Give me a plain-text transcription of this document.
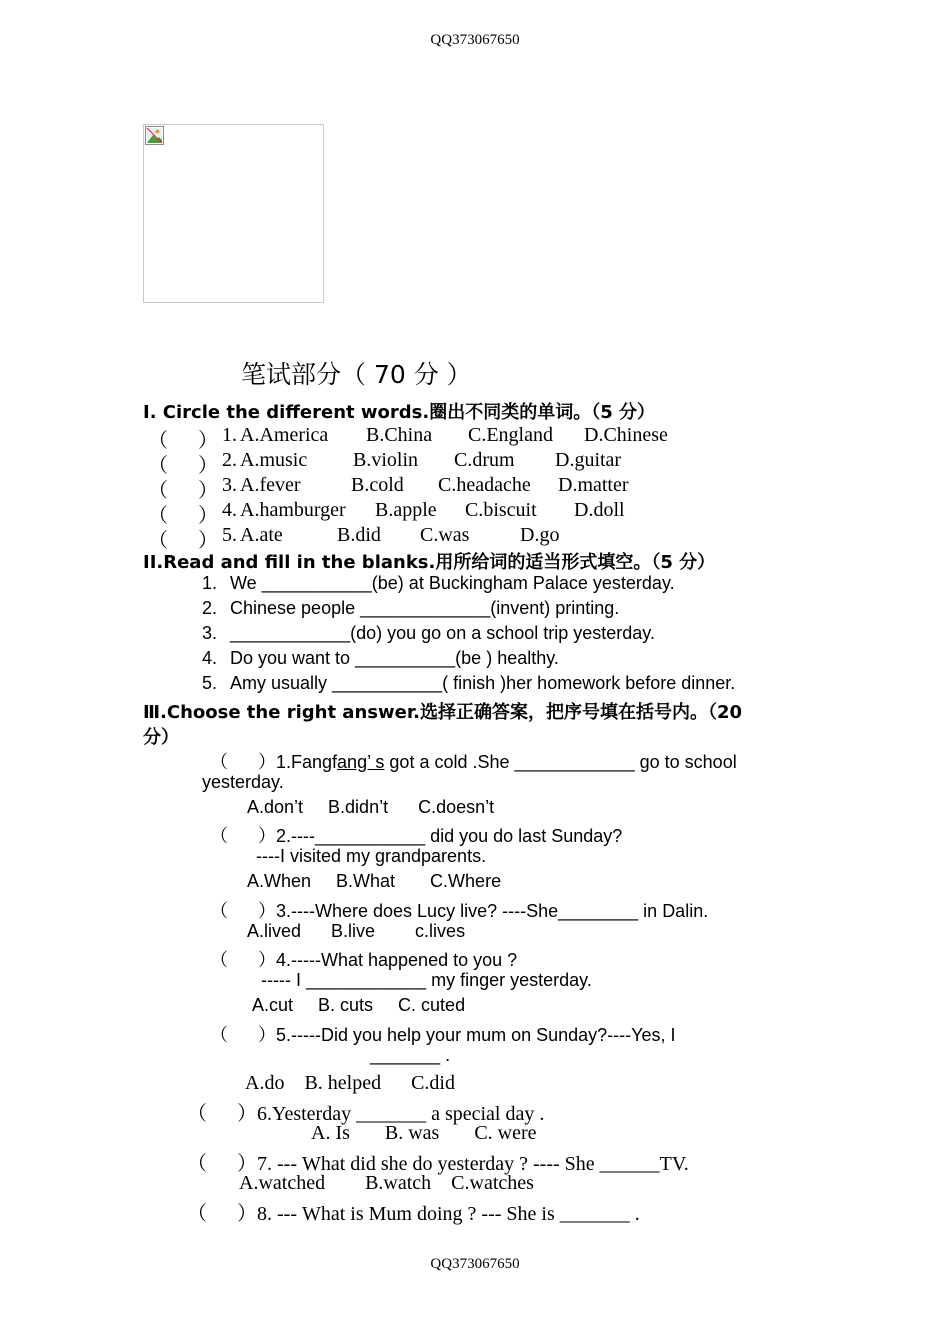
QQ373067650
笔试部分（ 70 分 ）
I. Circle the different words.圈出不同类的单词。（5 分）
（      ） 1. A.America B.China C.England D.Chinese
（      ） 2. A.music B.violin C.drum D.guitar
（      ） 3. A.fever	B.cold C.headache D.matter
（      ） 4. A.hamburger B.apple C.biscuit D.doll
（      ） 5. A.ate	B.did C.was	D.go
II.Read and fill in the blanks.用所给词的适当形式填空。（5 分）
1. We ___________(be) at Buckingham Palace yesterday.
2. Chinese people _____________(invent) printing.
3. ____________(do) you go on a school trip yesterday.
4. Do you want to __________(be ) healthy.
5. Amy usually ___________( finish )her homework before dinner.
Ⅲ.Choose the right answer.选择正确答案，把序号填在括号内。（20
分）
（      ）1.Fangfang’ s got a cold .She ____________ go to school
yesterday.
A.don’t     B.didn’t      C.doesn’t
（      ）2.----___________ did you do last Sunday?
----I visited my grandparents.
A.When     B.What       C.Where
（      ）3.----Where does Lucy live? ----She________ in Dalin.
A.lived      B.live        c.lives
（      ）4.-----What happened to you ?
----- I ____________ my finger yesterday.
A.cut     B. cuts     C. cuted
（      ）5.-----Did you help your mum on Sunday?----Yes, I
_______ .
A.do    B. helped      C.did
（      ）6.Yesterday _______ a special day .
A. Is       B. was       C. were
（      ）7. --- What did she do yesterday ? ---- She ______TV.
A.watched        B.watch    C.watches
（      ）8. --- What is Mum doing ? --- She is _______ .
QQ373067650
